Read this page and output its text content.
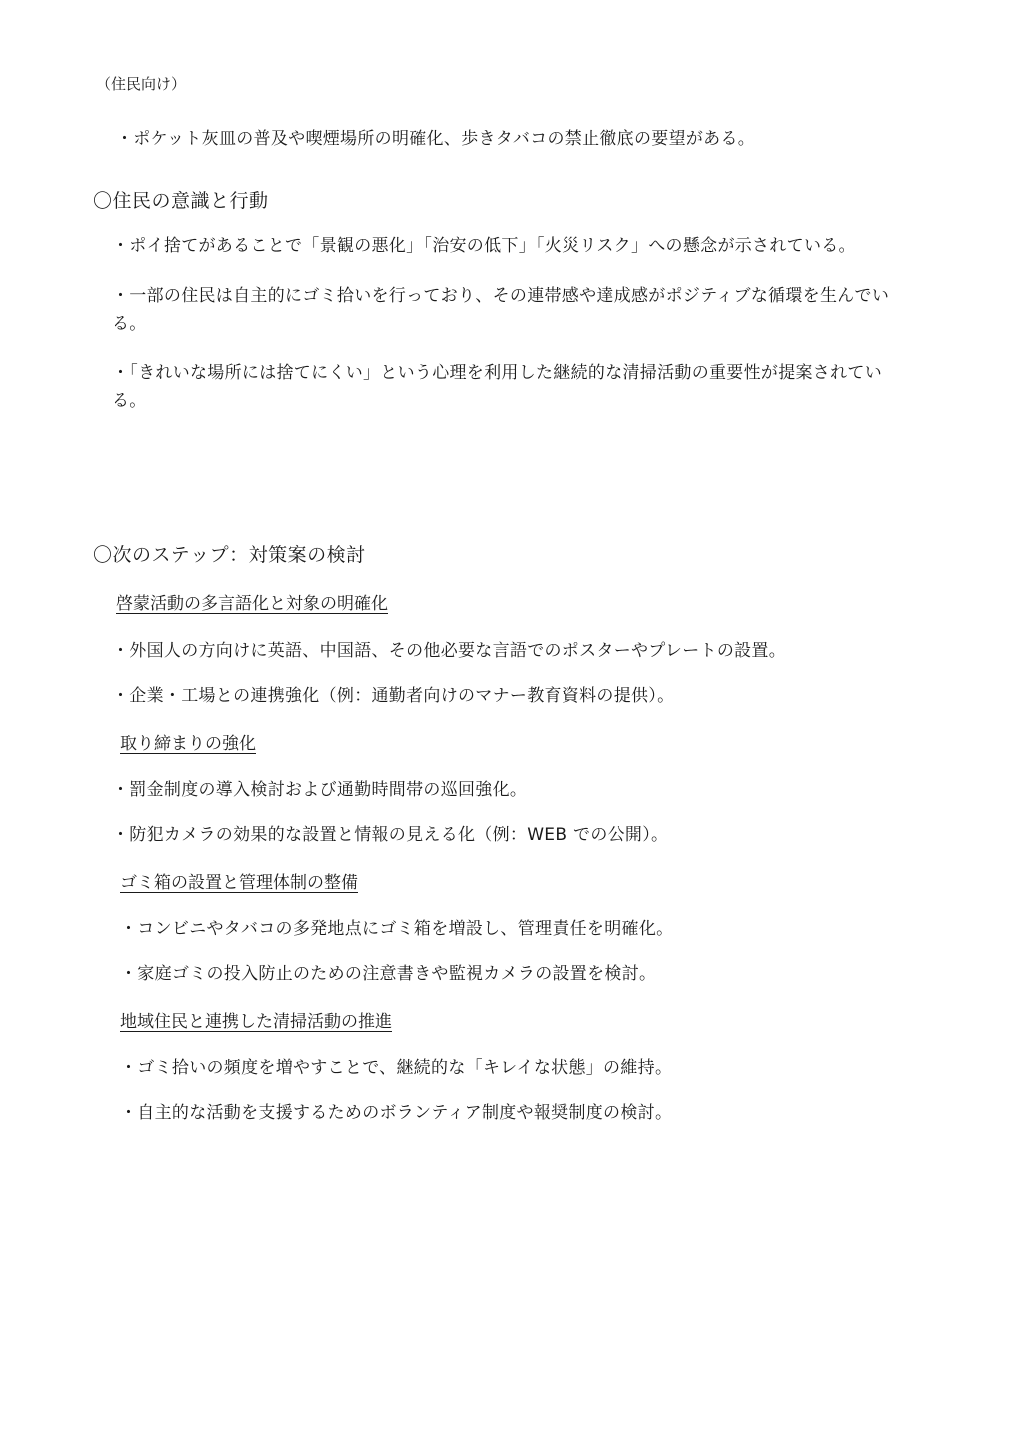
（住民向け）
・ポケット灰皿の普及や喫煙場所の明確化、歩きタバコの禁止徹底の要望がある。
〇住民の意識と行動
・ポイ捨てがあることで「景観の悪化」「治安の低下」「火災リスク」への懸念が示されている。
・一部の住民は自主的にゴミ拾いを行っており、その連帯感や達成感がポジティブな循環を生んでい
る。
・「きれいな場所には捨てにくい」という心理を利用した継続的な清掃活動の重要性が提案されてい
る。
〇次のステップ：対策案の検討
啓蒙活動の多言語化と対象の明確化
・外国人の方向けに英語、中国語、その他必要な言語でのポスターやプレートの設置。
・企業・工場との連携強化（例：通勤者向けのマナー教育資料の提供）。
取り締まりの強化
・罰金制度の導入検討および通勤時間帯の巡回強化。
・防犯カメラの効果的な設置と情報の見える化（例：WEB での公開）。
ゴミ箱の設置と管理体制の整備
・コンビニやタバコの多発地点にゴミ箱を増設し、管理責任を明確化。
・家庭ゴミの投入防止のための注意書きや監視カメラの設置を検討。
地域住民と連携した清掃活動の推進
・ゴミ拾いの頻度を増やすことで、継続的な「キレイな状態」の維持。
・自主的な活動を支援するためのボランティア制度や報奨制度の検討。
